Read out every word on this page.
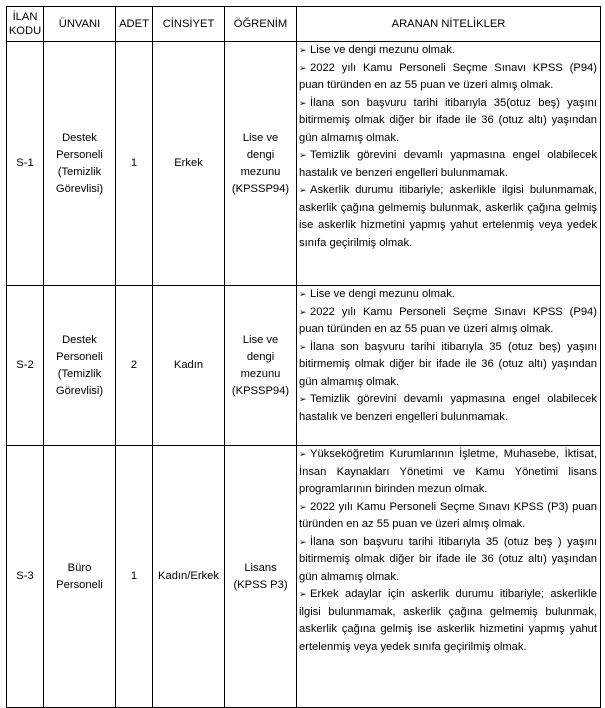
İLAN KODU	ÜNVANI	ADET	CİNSİYET	ÖĞRENİM	ARANAN NİTELİKLER
S-1	Destek Personeli (Temizlik Görevlisi)	1	Erkek	Lise ve dengi mezunu (KPSSP94)	➢ Lise ve dengi mezunu olmak.
➢ 2022 yılı Kamu Personeli Seçme Sınavı KPSS (P94) puan türünden en az 55 puan ve üzeri almış olmak.
➢ İlana son başvuru tarihi itibarıyla 35(otuz beş) yaşını bitirmemiş olmak diğer bir ifade ile 36 (otuz altı) yaşından gün almamış olmak.
➢ Temizlik görevini devamlı yapmasına engel olabilecek hastalık ve benzeri engelleri bulunmamak.
➢ Askerlik durumu itibariyle; askerlikle ilgisi bulunmamak, askerlik çağına gelmemiş bulunmak, askerlik çağına gelmiş ise askerlik hizmetini yapmış yahut ertelenmiş veya yedek sınıfa geçirilmiş olmak.

S-2	Destek Personeli (Temizlik Görevlisi)	2	Kadın	Lise ve dengi mezunu (KPSSP94)	➢ Lise ve dengi mezunu olmak.
➢ 2022 yılı Kamu Personeli Seçme Sınavı KPSS (P94) puan türünden en az 55 puan ve üzeri almış olmak.
➢ İlana son başvuru tarihi itibarıyla 35 (otuz beş) yaşını bitirmemiş olmak diğer bir ifade ile 36 (otuz altı) yaşından gün almamış olmak.
➢ Temizlik görevini devamlı yapmasına engel olabilecek hastalık ve benzeri engelleri bulunmamak.

S-3	Büro Personeli	1	Kadın/Erkek	Lisans (KPSS P3)	➢ Yükseköğretim Kurumlarının İşletme, Muhasebe, İktisat, İnsan Kaynakları Yönetimi ve Kamu Yönetimi lisans programlarının birinden mezun olmak.
➢ 2022 yılı Kamu Personeli Seçme Sınavı KPSS (P3) puan türünden en az 55 puan ve üzeri almış olmak.
➢ İlana son başvuru tarihi itibarıyla 35 (otuz beş ) yaşını bitirmemiş olmak diğer bir ifade ile 36 (otuz altı) yaşından gün almamış olmak.
➢ Erkek adaylar için askerlik durumu itibariyle; askerlikle ilgisi bulunmamak, askerlik çağına gelmemiş bulunmak, askerlik çağına gelmiş ise askerlik hizmetini yapmış yahut ertelenmiş veya yedek sınıfa geçirilmiş olmak.
